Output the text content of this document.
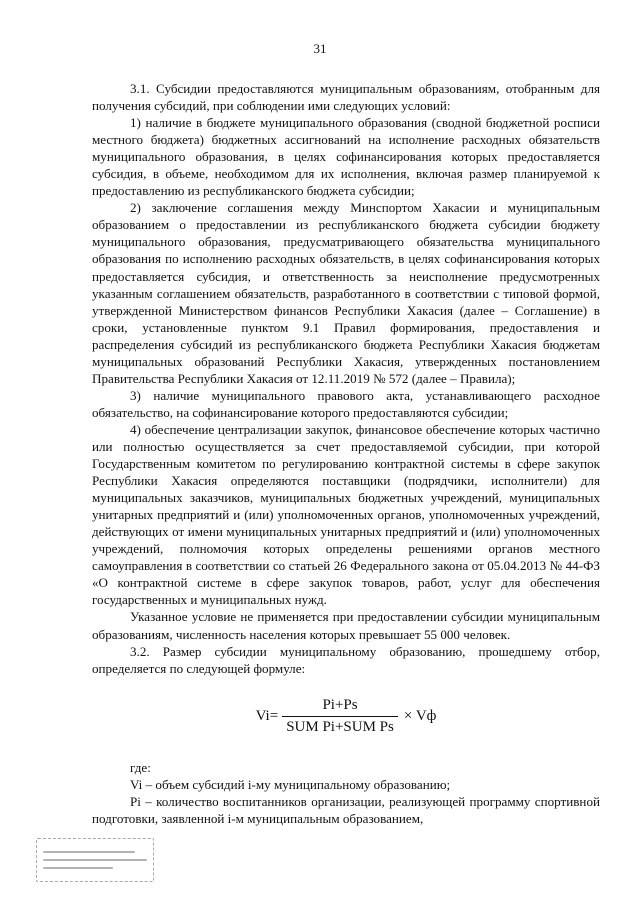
31

3.1. Субсидии предоставляются муниципальным образованиям, отобранным для получения субсидий, при соблюдении ими следующих условий:

1) наличие в бюджете муниципального образования (сводной бюджетной росписи местного бюджета) бюджетных ассигнований на исполнение расходных обязательств муниципального образования, в целях софинансирования которых предоставляется субсидия, в объеме, необходимом для их исполнения, включая размер планируемой к предоставлению из республиканского бюджета субсидии;

2) заключение соглашения между Минспортом Хакасии и муниципальным образованием о предоставлении из республиканского бюджета субсидии бюджету муниципального образования, предусматривающего обязательства муниципального образования по исполнению расходных обязательств, в целях софинансирования которых предоставляется субсидия, и ответственность за неисполнение предусмотренных указанным соглашением обязательств, разработанного в соответствии с типовой формой, утвержденной Министерством финансов Республики Хакасия (далее – Соглашение) в сроки, установленные пунктом 9.1 Правил формирования, предоставления и распределения субсидий из республиканского бюджета Республики Хакасия бюджетам муниципальных образований Республики Хакасия, утвержденных постановлением Правительства Республики Хакасия от 12.11.2019 № 572 (далее – Правила);

3) наличие муниципального правового акта, устанавливающего расходное обязательство, на софинансирование которого предоставляются субсидии;

4) обеспечение централизации закупок, финансовое обеспечение которых частично или полностью осуществляется за счет предоставляемой субсидии, при которой Государственным комитетом по регулированию контрактной системы в сфере закупок Республики Хакасия определяются поставщики (подрядчики, исполнители) для муниципальных заказчиков, муниципальных бюджетных учреждений, муниципальных унитарных предприятий и (или) уполномоченных органов, уполномоченных учреждений, действующих от имени муниципальных унитарных предприятий и (или) уполномоченных учреждений, полномочия которых определены решениями органов местного самоуправления в соответствии со статьей 26 Федерального закона от 05.04.2013 № 44-ФЗ «О контрактной системе в сфере закупок товаров, работ, услуг для обеспечения государственных и муниципальных нужд.

Указанное условие не применяется при предоставлении субсидии муниципальным образованиям, численность населения которых превышает 55 000 человек.

3.2. Размер субсидии муниципальному образованию, прошедшему отбор, определяется по следующей формуле:

$Vi= \frac{Pi+Ps}{\text{SUM Pi+SUM Ps}}$ × Vф

где:

Vi – объем субсидий i-му муниципальному образованию;

Pi – количество воспитанников организации, реализующей программу спортивной подготовки, заявленной i-м муниципальным образованием,
